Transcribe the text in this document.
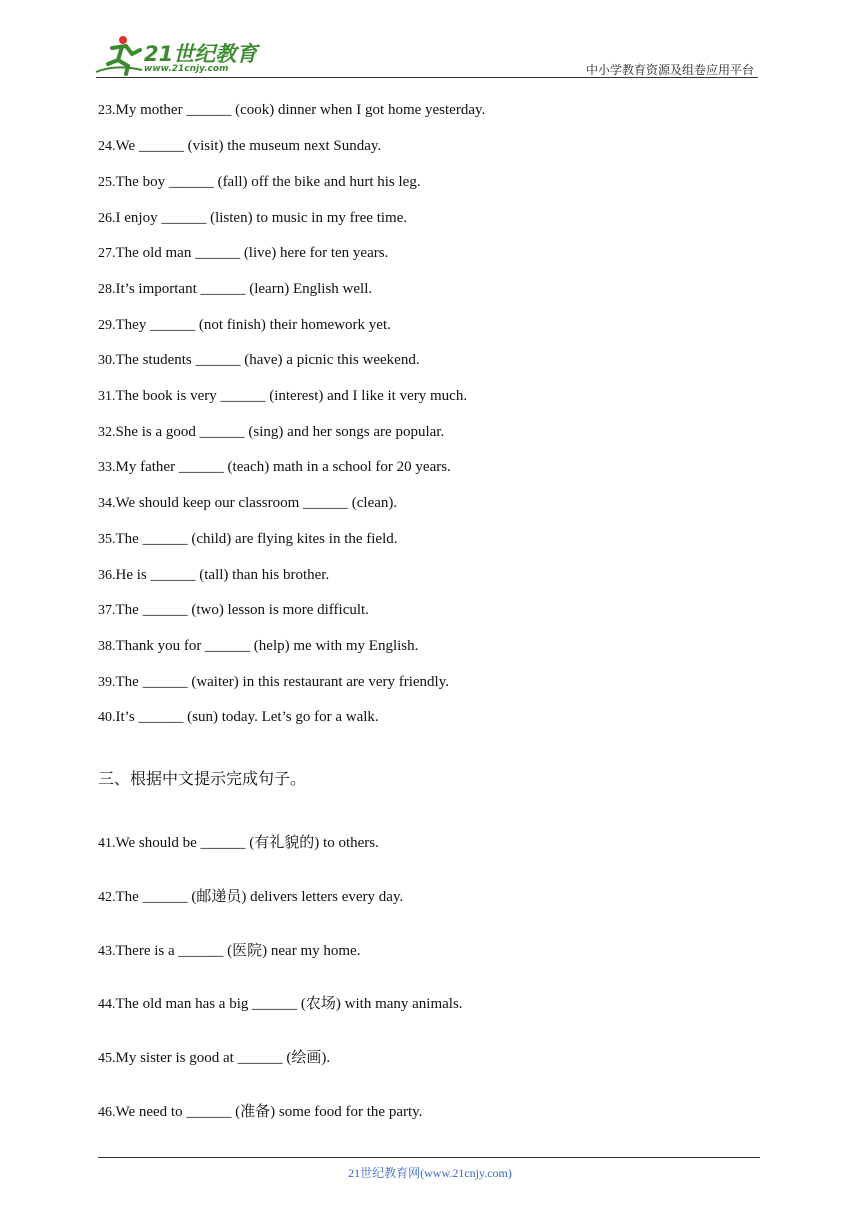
21世纪教育
www.21cnjy.com	中小学教育资源及组卷应用平台
23.My mother ______ (cook) dinner when I got home yesterday.
24.We ______ (visit) the museum next Sunday.
25.The boy ______ (fall) off the bike and hurt his leg.
26.I enjoy ______ (listen) to music in my free time.
27.The old man ______ (live) here for ten years.
28.It’s important ______ (learn) English well.
29.They ______ (not finish) their homework yet.
30.The students ______ (have) a picnic this weekend.
31.The book is very ______ (interest) and I like it very much.
32.She is a good ______ (sing) and her songs are popular.
33.My father ______ (teach) math in a school for 20 years.
34.We should keep our classroom ______ (clean).
35.The ______ (child) are flying kites in the field.
36.He is ______ (tall) than his brother.
37.The ______ (two) lesson is more difficult.
38.Thank you for ______ (help) me with my English.
39.The ______ (waiter) in this restaurant are very friendly.
40.It’s ______ (sun) today. Let’s go for a walk.
三、根据中文提示完成句子。
41.We should be ______ (有礼貌的) to others.
42.The ______ (邮递员) delivers letters every day.
43.There is a ______ (医院) near my home.
44.The old man has a big ______ (农场) with many animals.
45.My sister is good at ______ (绘画).
46.We need to ______ (准备) some food for the party.
21世纪教育网(www.21cnjy.com)
